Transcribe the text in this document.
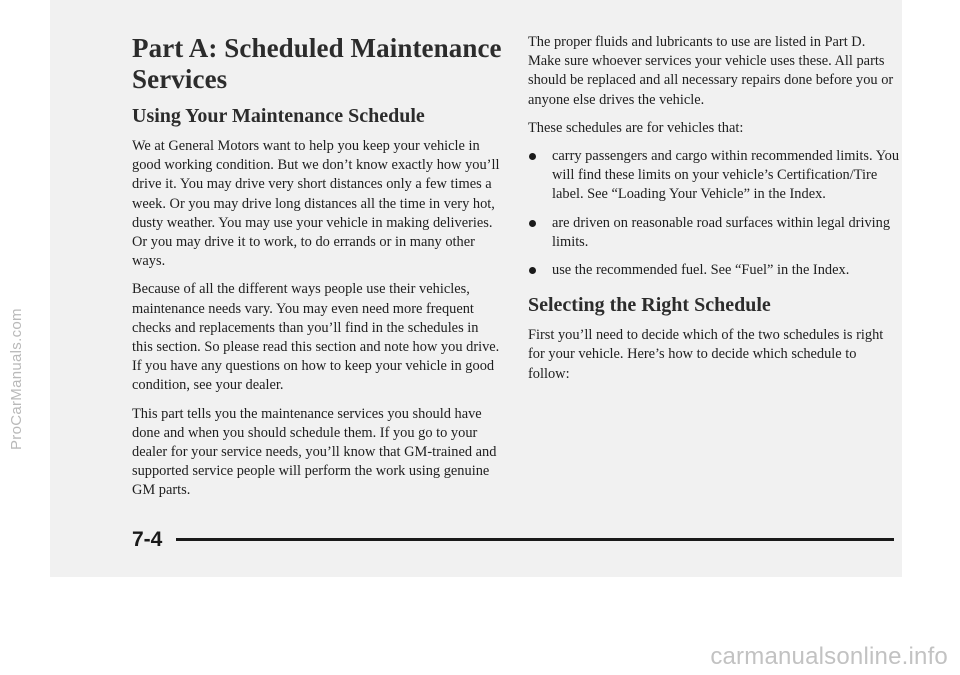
Part A: Scheduled Maintenance
Services
Using Your Maintenance Schedule

We at General Motors want to help you keep your vehicle in good working condition. But we don’t know exactly how you’ll drive it. You may drive very short distances only a few times a week. Or you may drive long distances all the time in very hot, dusty weather. You may use your vehicle in making deliveries. Or you may drive it to work, to do errands or in many other ways.

Because of all the different ways people use their vehicles, maintenance needs vary. You may even need more frequent checks and replacements than you’ll find in the schedules in this section. So please read this section and note how you drive. If you have any questions on how to keep your vehicle in good condition, see your dealer.

This part tells you the maintenance services you should have done and when you should schedule them. If you go to your dealer for your service needs, you’ll know that GM-trained and supported service people will perform the work using genuine GM parts.

The proper fluids and lubricants to use are listed in Part D. Make sure whoever services your vehicle uses these. All parts should be replaced and all necessary repairs done before you or anyone else drives the vehicle.

These schedules are for vehicles that:

carry passengers and cargo within recommended limits. You will find these limits on your vehicle’s Certification/Tire label. See “Loading Your Vehicle” in the Index.
are driven on reasonable road surfaces within legal driving limits.
use the recommended fuel. See “Fuel” in the Index.
Selecting the Right Schedule

First you’ll need to decide which of the two schedules is right for your vehicle. Here’s how to decide which schedule to follow:

7-4
ProCarManuals.com
carmanualsonline.info
